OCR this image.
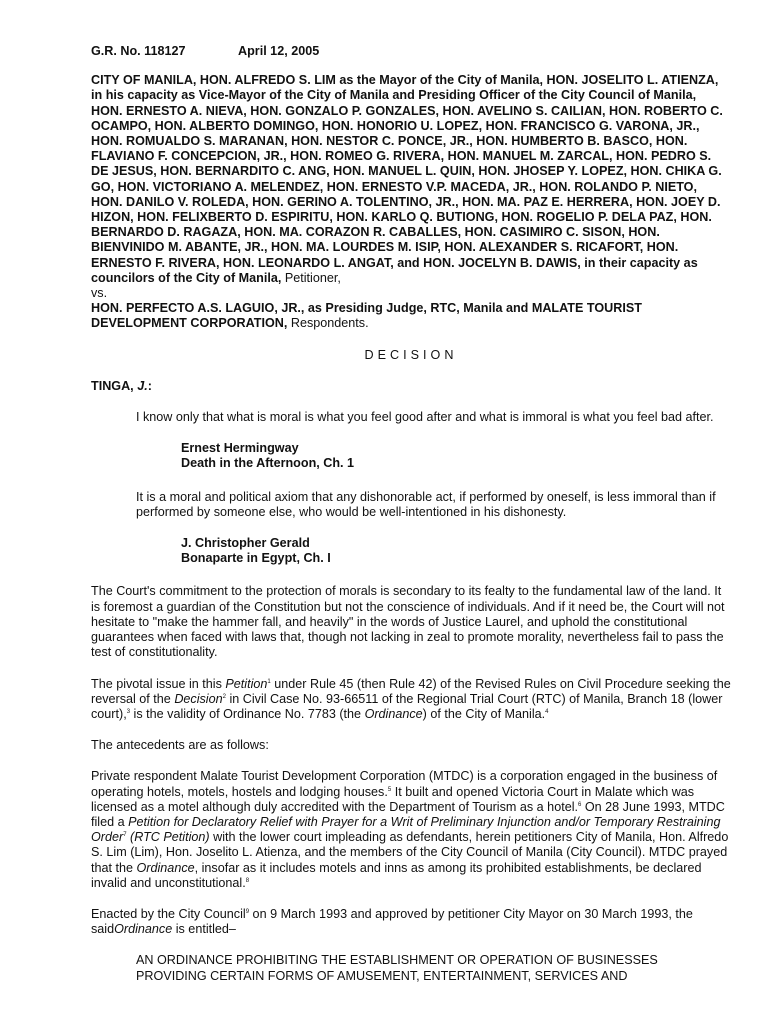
G.R. No. 118127	April 12, 2005

CITY OF MANILA, HON. ALFREDO S. LIM as the Mayor of the City of Manila, HON. JOSELITO L. ATIENZA, in his capacity as Vice-Mayor of the City of Manila and Presiding Officer of the City Council of Manila, HON. ERNESTO A. NIEVA, HON. GONZALO P. GONZALES, HON. AVELINO S. CAILIAN, HON. ROBERTO C. OCAMPO, HON. ALBERTO DOMINGO, HON. HONORIO U. LOPEZ, HON. FRANCISCO G. VARONA, JR., HON. ROMUALDO S. MARANAN, HON. NESTOR C. PONCE, JR., HON. HUMBERTO B. BASCO, HON. FLAVIANO F. CONCEPCION, JR., HON. ROMEO G. RIVERA, HON. MANUEL M. ZARCAL, HON. PEDRO S. DE JESUS, HON. BERNARDITO C. ANG, HON. MANUEL L. QUIN, HON. JHOSEP Y. LOPEZ, HON. CHIKA G. GO, HON. VICTORIANO A. MELENDEZ, HON. ERNESTO V.P. MACEDA, JR., HON. ROLANDO P. NIETO, HON. DANILO V. ROLEDA, HON. GERINO A. TOLENTINO, JR., HON. MA. PAZ E. HERRERA, HON. JOEY D. HIZON, HON. FELIXBERTO D. ESPIRITU, HON. KARLO Q. BUTIONG, HON. ROGELIO P. DELA PAZ, HON. BERNARDO D. RAGAZA, HON. MA. CORAZON R. CABALLES, HON. CASIMIRO C. SISON, HON. BIENVINIDO M. ABANTE, JR., HON. MA. LOURDES M. ISIP, HON. ALEXANDER S. RICAFORT, HON. ERNESTO F. RIVERA, HON. LEONARDO L. ANGAT, and HON. JOCELYN B. DAWIS, in their capacity as councilors of the City of Manila, Petitioner,

vs.

HON. PERFECTO A.S. LAGUIO, JR., as Presiding Judge, RTC, Manila and MALATE TOURIST DEVELOPMENT CORPORATION, Respondents.

DECISION

TINGA, J.:

I know only that what is moral is what you feel good after and what is immoral is what you feel bad after.

Ernest Hermingway
Death in the Afternoon, Ch. 1

It is a moral and political axiom that any dishonorable act, if performed by oneself, is less immoral than if performed by someone else, who would be well-intentioned in his dishonesty.

J. Christopher Gerald
Bonaparte in Egypt, Ch. I

The Court's commitment to the protection of morals is secondary to its fealty to the fundamental law of the land. It is foremost a guardian of the Constitution but not the conscience of individuals. And if it need be, the Court will not hesitate to "make the hammer fall, and heavily" in the words of Justice Laurel, and uphold the constitutional guarantees when faced with laws that, though not lacking in zeal to promote morality, nevertheless fail to pass the test of constitutionality.

The pivotal issue in this Petition$^1$ under Rule 45 (then Rule 42) of the Revised Rules on Civil Procedure seeking the reversal of the Decision$^2$ in Civil Case No. 93-66511 of the Regional Trial Court (RTC) of Manila, Branch 18 (lower court),$^3$ is the validity of Ordinance No. 7783 (the Ordinance) of the City of Manila.$^4$

The antecedents are as follows:

Private respondent Malate Tourist Development Corporation (MTDC) is a corporation engaged in the business of operating hotels, motels, hostels and lodging houses.$^5$ It built and opened Victoria Court in Malate which was licensed as a motel although duly accredited with the Department of Tourism as a hotel.$^6$ On 28 June 1993, MTDC filed a Petition for Declaratory Relief with Prayer for a Writ of Preliminary Injunction and/or Temporary Restraining Order$^7$ (RTC Petition) with the lower court impleading as defendants, herein petitioners City of Manila, Hon. Alfredo S. Lim (Lim), Hon. Joselito L. Atienza, and the members of the City Council of Manila (City Council). MTDC prayed that the Ordinance, insofar as it includes motels and inns as among its prohibited establishments, be declared invalid and unconstitutional.$^8$

Enacted by the City Council$^9$ on 9 March 1993 and approved by petitioner City Mayor on 30 March 1993, the saidOrdinance is entitled–

AN ORDINANCE PROHIBITING THE ESTABLISHMENT OR OPERATION OF BUSINESSES PROVIDING CERTAIN FORMS OF AMUSEMENT, ENTERTAINMENT, SERVICES AND
